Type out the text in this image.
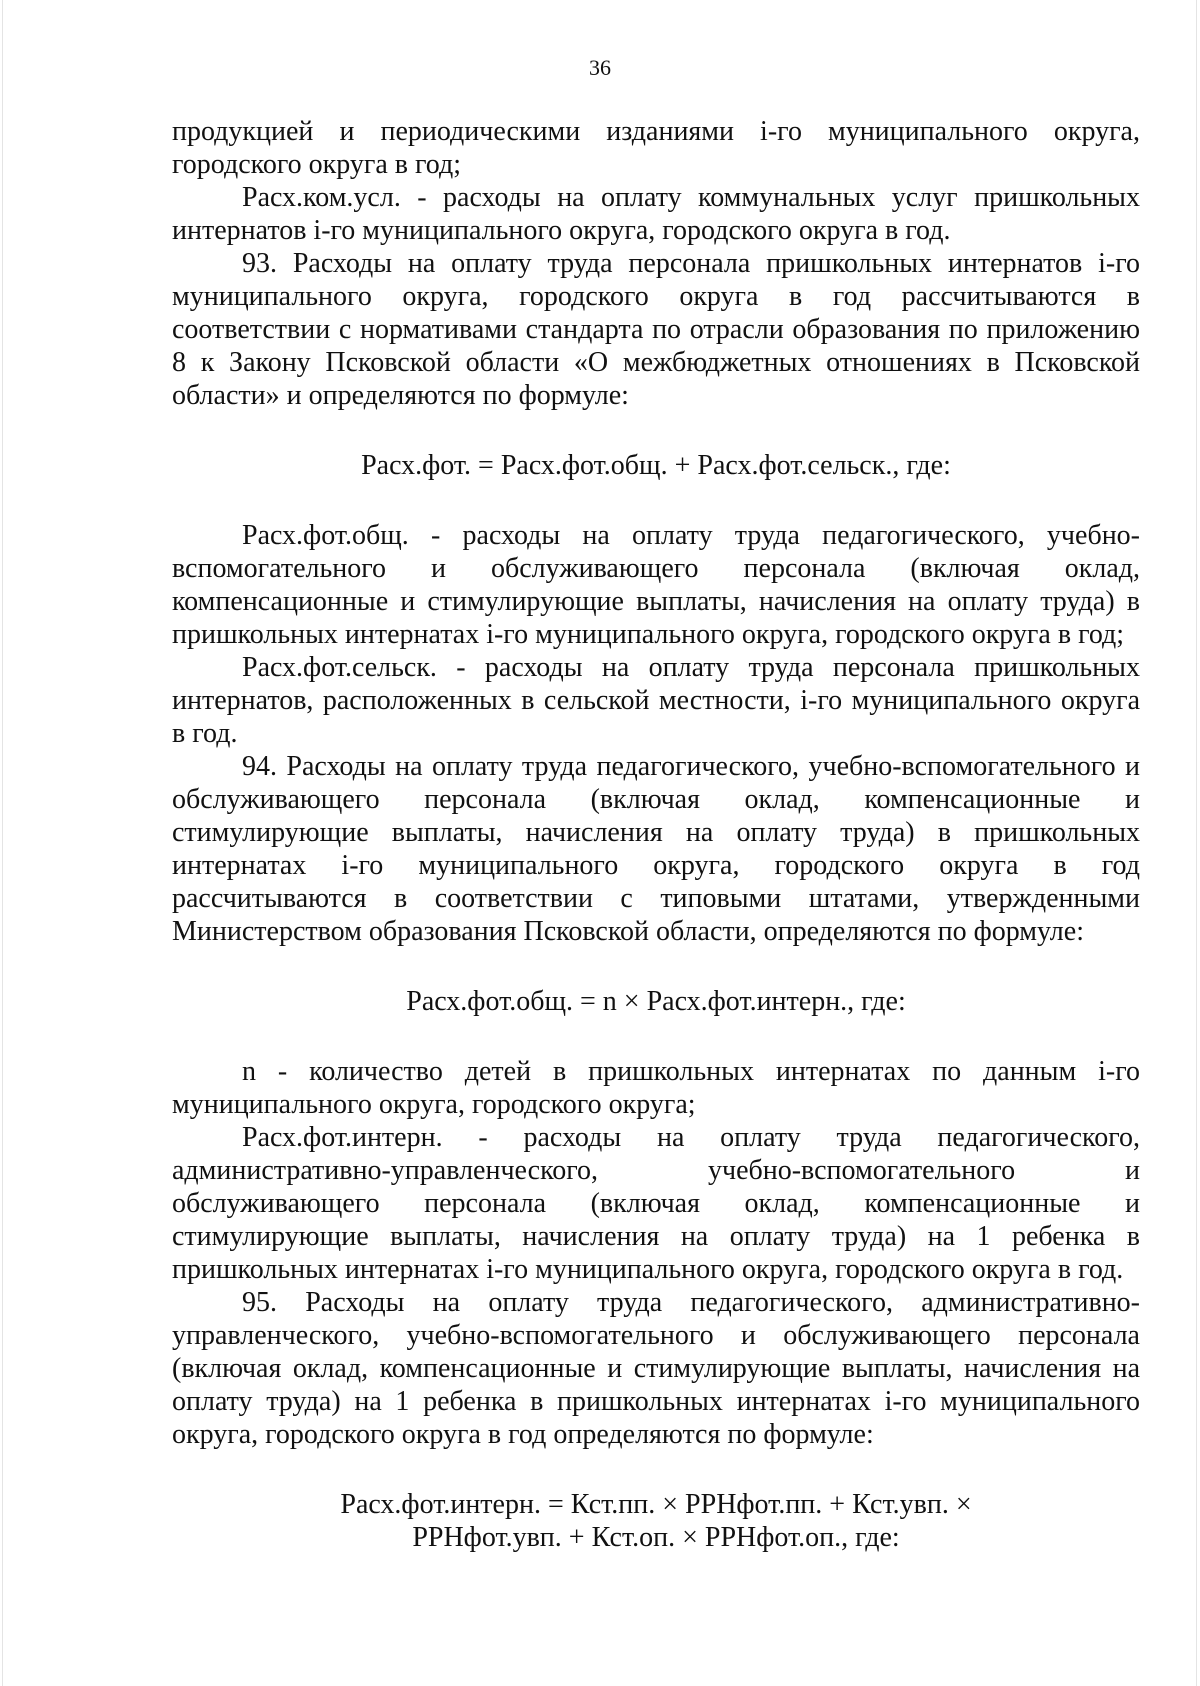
36

продукцией и периодическими изданиями i-го муниципального округа, городского округа в год;

Расх.ком.усл. - расходы на оплату коммунальных услуг пришкольных интернатов i-го муниципального округа, городского округа в год.

93. Расходы на оплату труда персонала пришкольных интернатов i-го муниципального округа, городского округа в год рассчитываются в соответствии с нормативами стандарта по отрасли образования по приложению 8 к Закону Псковской области «О межбюджетных отношениях в Псковской области» и определяются по формуле:

Расх.фот. = Расх.фот.общ. + Расх.фот.сельск., где:

Расх.фот.общ. - расходы на оплату труда педагогического, учебно-вспомогательного и обслуживающего персонала (включая оклад, компенсационные и стимулирующие выплаты, начисления на оплату труда) в пришкольных интернатах i-го муниципального округа, городского округа в год;

Расх.фот.сельск. - расходы на оплату труда персонала пришкольных интернатов, расположенных в сельской местности, i-го муниципального округа в год.

94. Расходы на оплату труда педагогического, учебно-вспомогательного и обслуживающего персонала (включая оклад, компенсационные и стимулирующие выплаты, начисления на оплату труда) в пришкольных интернатах i-го муниципального округа, городского округа в год рассчитываются в соответствии с типовыми штатами, утвержденными Министерством образования Псковской области, определяются по формуле:

Расх.фот.общ. = n × Расх.фот.интерн., где:

n - количество детей в пришкольных интернатах по данным i-го муниципального округа, городского округа;

Расх.фот.интерн. - расходы на оплату труда педагогического, административно-управленческого, учебно-вспомогательного и обслуживающего персонала (включая оклад, компенсационные и стимулирующие выплаты, начисления на оплату труда) на 1 ребенка в пришкольных интернатах i-го муниципального округа, городского округа в год.

95. Расходы на оплату труда педагогического, административно-управленческого, учебно-вспомогательного и обслуживающего персонала (включая оклад, компенсационные и стимулирующие выплаты, начисления на оплату труда) на 1 ребенка в пришкольных интернатах i-го муниципального округа, городского округа в год определяются по формуле:

Расх.фот.интерн. = Кст.пп. × РРНфот.пп. + Кст.увп. ×

РРНфот.увп. + Кст.оп. × РРНфот.оп., где:
